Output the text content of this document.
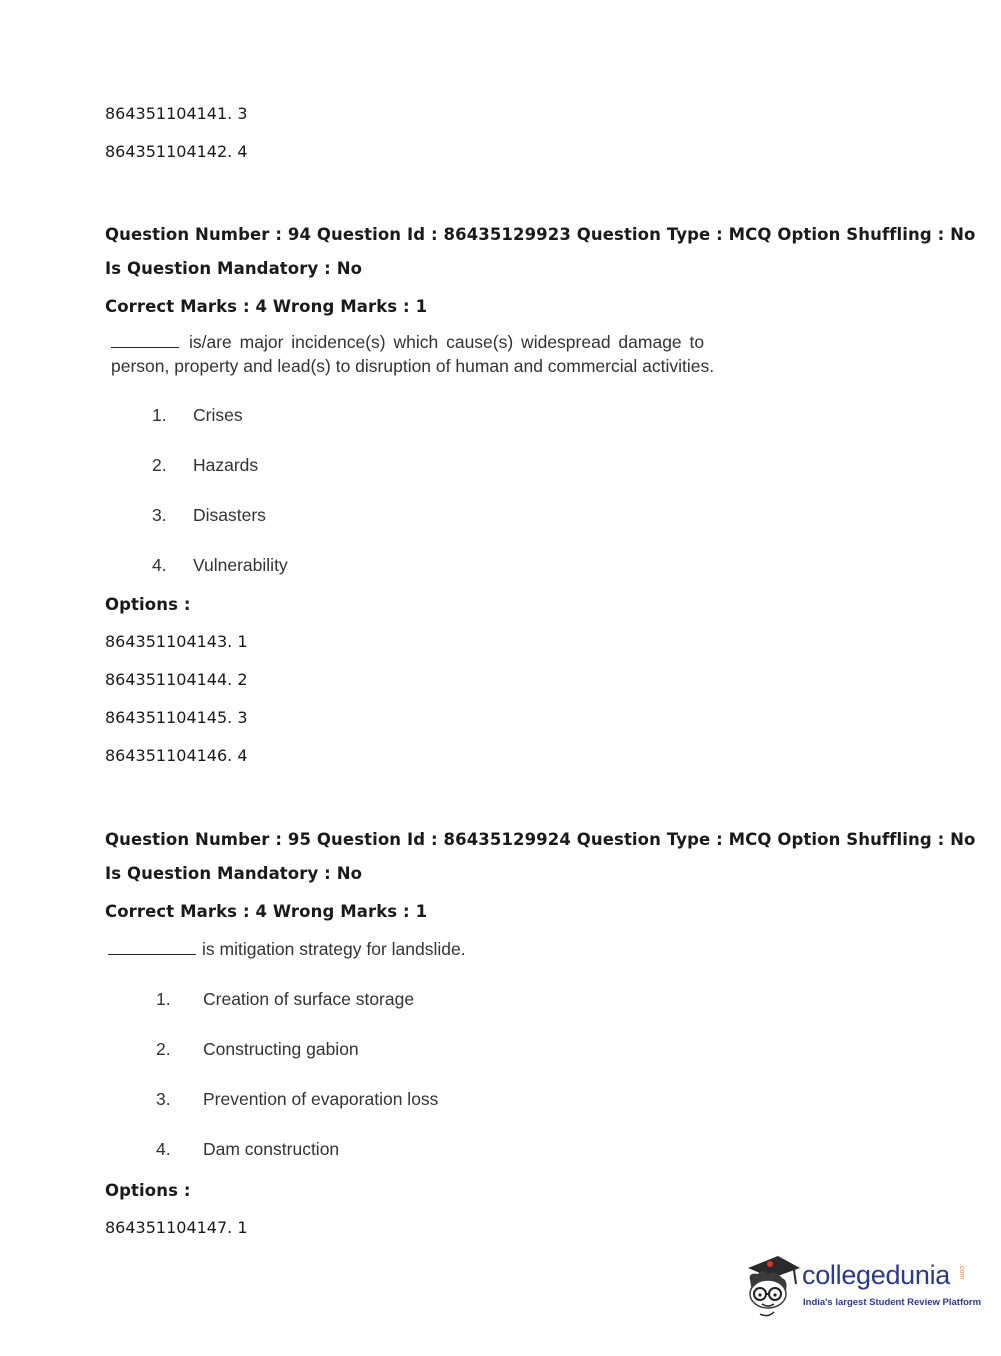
864351104141. 3
864351104142. 4
Question Number : 94 Question Id : 86435129923 Question Type : MCQ Option Shuffling : No
Is Question Mandatory : No
Correct Marks : 4 Wrong Marks : 1
is/are major incidence(s) which cause(s) widespread damage to
person, property and lead(s) to disruption of human and commercial activities.
1. Crises
2. Hazards
3. Disasters
4. Vulnerability
Options :
864351104143. 1
864351104144. 2
864351104145. 3
864351104146. 4
Question Number : 95 Question Id : 86435129924 Question Type : MCQ Option Shuffling : No
Is Question Mandatory : No
Correct Marks : 4 Wrong Marks : 1
is mitigation strategy for landslide.
1. Creation of surface storage
2. Constructing gabion
3. Prevention of evaporation loss
4. Dam construction
Options :
864351104147. 1
collegedunia .com
India's largest Student Review Platform
